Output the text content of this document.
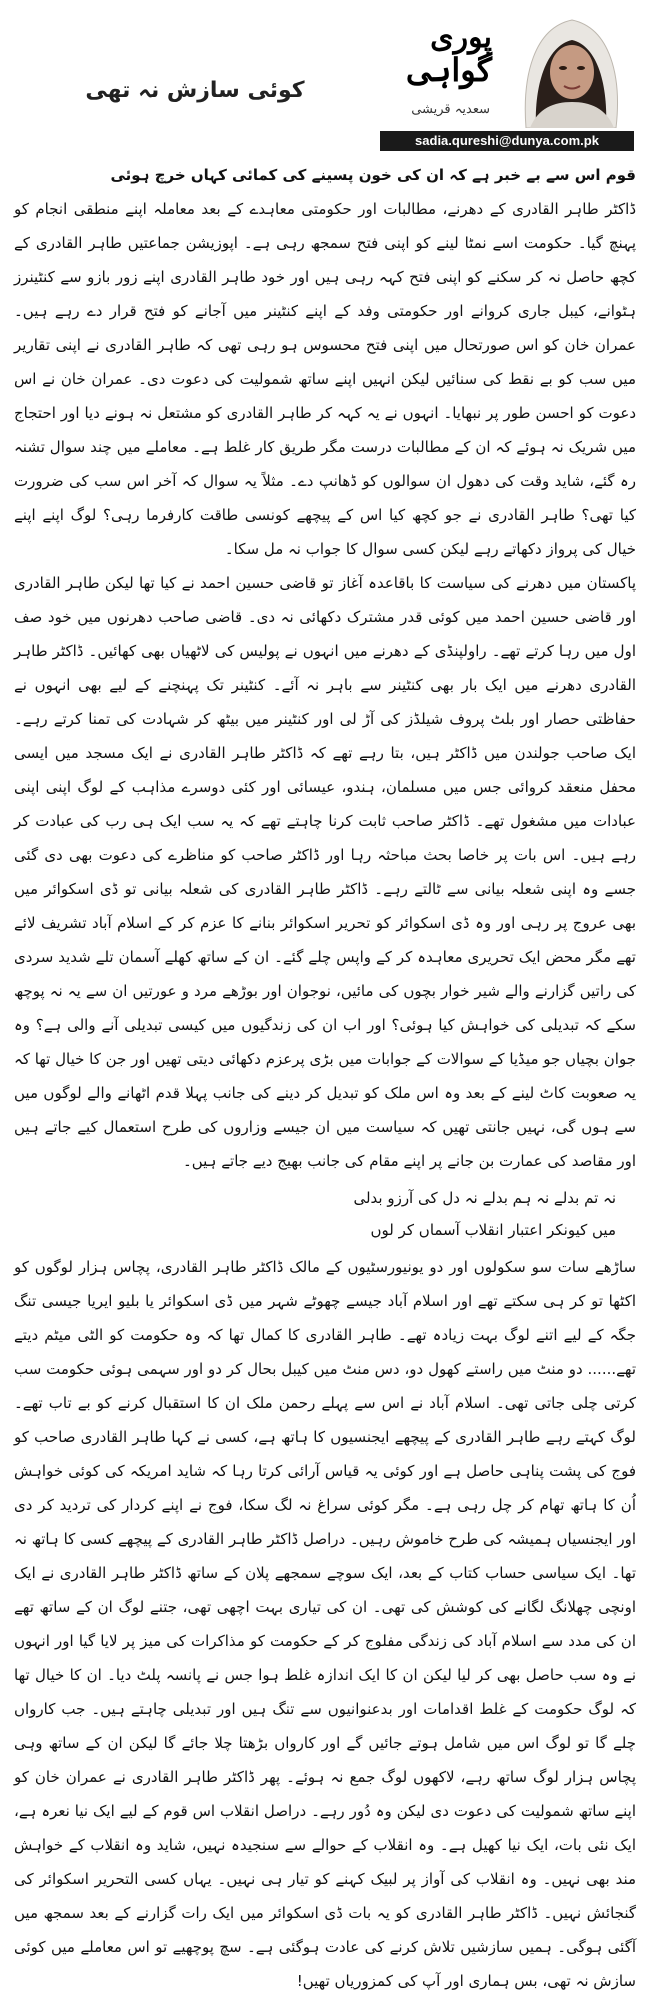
کوئی سازش نہ تھی
پوری
گواہی
سعدیہ قریشی
sadia.qureshi@dunya.com.pk

قوم اس سے بے خبر ہے کہ ان کی خون پسینے کی کمائی کہاں خرچ ہوئی

ڈاکٹر طاہر القادری کے دھرنے، مطالبات اور حکومتی معاہدے کے بعد معاملہ اپنے منطقی انجام کو پہنچ گیا۔ حکومت اسے نمٹا لینے کو اپنی فتح سمجھ رہی ہے۔ اپوزیشن جماعتیں طاہر القادری کے کچھ حاصل نہ کر سکنے کو اپنی فتح کہہ رہی ہیں اور خود طاہر القادری اپنے زور بازو سے کنٹینرز ہٹوانے، کیبل جاری کروانے اور حکومتی وفد کے اپنے کنٹینر میں آجانے کو فتح قرار دے رہے ہیں۔ عمران خان کو اس صورتحال میں اپنی فتح محسوس ہو رہی تھی کہ طاہر القادری نے اپنی تقاریر میں سب کو بے نقط کی سنائیں لیکن انہیں اپنے ساتھ شمولیت کی دعوت دی۔ عمران خان نے اس دعوت کو احسن طور پر نبھایا۔ انہوں نے یہ کہہ کر طاہر القادری کو مشتعل نہ ہونے دیا اور احتجاج میں شریک نہ ہوئے کہ ان کے مطالبات درست مگر طریق کار غلط ہے۔ معاملے میں چند سوال تشنہ رہ گئے، شاید وقت کی دھول ان سوالوں کو ڈھانپ دے۔ مثلاً یہ سوال کہ آخر اس سب کی ضرورت کیا تھی؟ طاہر القادری نے جو کچھ کیا اس کے پیچھے کونسی طاقت کارفرما رہی؟ لوگ اپنے اپنے خیال کی پرواز دکھاتے رہے لیکن کسی سوال کا جواب نہ مل سکا۔

پاکستان میں دھرنے کی سیاست کا باقاعدہ آغاز تو قاضی حسین احمد نے کیا تھا لیکن طاہر القادری اور قاضی حسین احمد میں کوئی قدر مشترک دکھائی نہ دی۔ قاضی صاحب دھرنوں میں خود صف اول میں رہا کرتے تھے۔ راولپنڈی کے دھرنے میں انہوں نے پولیس کی لاٹھیاں بھی کھائیں۔ ڈاکٹر طاہر القادری دھرنے میں ایک بار بھی کنٹینر سے باہر نہ آئے۔ کنٹینر تک پہنچنے کے لیے بھی انہوں نے حفاظتی حصار اور بلٹ پروف شیلڈز کی آڑ لی اور کنٹینر میں بیٹھ کر شہادت کی تمنا کرتے رہے۔ ایک صاحب جولندن میں ڈاکٹر ہیں، بتا رہے تھے کہ ڈاکٹر طاہر القادری نے ایک مسجد میں ایسی محفل منعقد کروائی جس میں مسلمان، ہندو، عیسائی اور کئی دوسرے مذاہب کے لوگ اپنی اپنی عبادات میں مشغول تھے۔ ڈاکٹر صاحب ثابت کرنا چاہتے تھے کہ یہ سب ایک ہی رب کی عبادت کر رہے ہیں۔ اس بات پر خاصا بحث مباحثہ رہا اور ڈاکٹر صاحب کو مناظرے کی دعوت بھی دی گئی جسے وہ اپنی شعلہ بیانی سے ٹالتے رہے۔ ڈاکٹر طاہر القادری کی شعلہ بیانی تو ڈی اسکوائر میں بھی عروج پر رہی اور وہ ڈی اسکوائر کو تحریر اسکوائر بنانے کا عزم کر کے اسلام آباد تشریف لائے تھے مگر محض ایک تحریری معاہدہ کر کے واپس چلے گئے۔ ان کے ساتھ کھلے آسمان تلے شدید سردی کی راتیں گزارنے والے شیر خوار بچوں کی مائیں، نوجوان اور بوڑھے مرد و عورتیں ان سے یہ نہ پوچھ سکے کہ تبدیلی کی خواہش کیا ہوئی؟ اور اب ان کی زندگیوں میں کیسی تبدیلی آنے والی ہے؟ وہ جوان بچیاں جو میڈیا کے سوالات کے جوابات میں بڑی پرعزم دکھائی دیتی تھیں اور جن کا خیال تھا کہ یہ صعوبت کاٹ لینے کے بعد وہ اس ملک کو تبدیل کر دینے کی جانب پہلا قدم اٹھانے والے لوگوں میں سے ہوں گی، نہیں جانتی تھیں کہ سیاست میں ان جیسے وزاروں کی طرح استعمال کیے جاتے ہیں اور مقاصد کی عمارت بن جانے پر اپنے مقام کی جانب بھیج دیے جاتے ہیں۔

نہ تم بدلے نہ ہم بدلے نہ دل کی آرزو بدلی
میں کیونکر اعتبار انقلاب آسماں کر لوں

ساڑھے سات سو سکولوں اور دو یونیورسٹیوں کے مالک ڈاکٹر طاہر القادری، پچاس ہزار لوگوں کو اکٹھا تو کر ہی سکتے تھے اور اسلام آباد جیسے چھوٹے شہر میں ڈی اسکوائر یا بلیو ایریا جیسی تنگ جگہ کے لیے اتنے لوگ بہت زیادہ تھے۔ طاہر القادری کا کمال تھا کہ وہ حکومت کو الٹی میٹم دیتے تھے...... دو منٹ میں راستے کھول دو، دس منٹ میں کیبل بحال کر دو اور سہمی ہوئی حکومت سب کرتی چلی جاتی تھی۔ اسلام آباد نے اس سے پہلے رحمن ملک ان کا استقبال کرنے کو بے تاب تھے۔ لوگ کہتے رہے طاہر القادری کے پیچھے ایجنسیوں کا ہاتھ ہے، کسی نے کہا طاہر القادری صاحب کو فوج کی پشت پناہی حاصل ہے اور کوئی یہ قیاس آرائی کرتا رہا کہ شاید امریکہ کی کوئی خواہش اُن کا ہاتھ تھام کر چل رہی ہے۔ مگر کوئی سراغ نہ لگ سکا، فوج نے اپنے کردار کی تردید کر دی اور ایجنسیاں ہمیشہ کی طرح خاموش رہیں۔ دراصل ڈاکٹر طاہر القادری کے پیچھے کسی کا ہاتھ نہ تھا۔ ایک سیاسی حساب کتاب کے بعد، ایک سوچے سمجھے پلان کے ساتھ ڈاکٹر طاہر القادری نے ایک اونچی چھلانگ لگانے کی کوشش کی تھی۔ ان کی تیاری بہت اچھی تھی، جتنے لوگ ان کے ساتھ تھے ان کی مدد سے اسلام آباد کی زندگی مفلوج کر کے حکومت کو مذاکرات کی میز پر لایا گیا اور انہوں نے وہ سب حاصل بھی کر لیا لیکن ان کا ایک اندازہ غلط ہوا جس نے پانسہ پلٹ دیا۔ ان کا خیال تھا کہ لوگ حکومت کے غلط اقدامات اور بدعنوانیوں سے تنگ ہیں اور تبدیلی چاہتے ہیں۔ جب کارواں چلے گا تو لوگ اس میں شامل ہوتے جائیں گے اور کارواں بڑھتا چلا جائے گا لیکن ان کے ساتھ وہی پچاس ہزار لوگ ساتھ رہے، لاکھوں لوگ جمع نہ ہوئے۔ پھر ڈاکٹر طاہر القادری نے عمران خان کو اپنے ساتھ شمولیت کی دعوت دی لیکن وہ دُور رہے۔ دراصل انقلاب اس قوم کے لیے ایک نیا نعرہ ہے، ایک نئی بات، ایک نیا کھیل ہے۔ وہ انقلاب کے حوالے سے سنجیدہ نہیں، شاید وہ انقلاب کے خواہش مند بھی نہیں۔ وہ انقلاب کی آواز پر لبیک کہنے کو تیار ہی نہیں۔ یہاں کسی التحریر اسکوائر کی گنجائش نہیں۔ ڈاکٹر طاہر القادری کو یہ بات ڈی اسکوائر میں ایک رات گزارنے کے بعد سمجھ میں آگئی ہوگی۔ ہمیں سازشیں تلاش کرنے کی عادت ہوگئی ہے۔ سچ پوچھیے تو اس معاملے میں کوئی سازش نہ تھی، بس ہماری اور آپ کی کمزوریاں تھیں!
